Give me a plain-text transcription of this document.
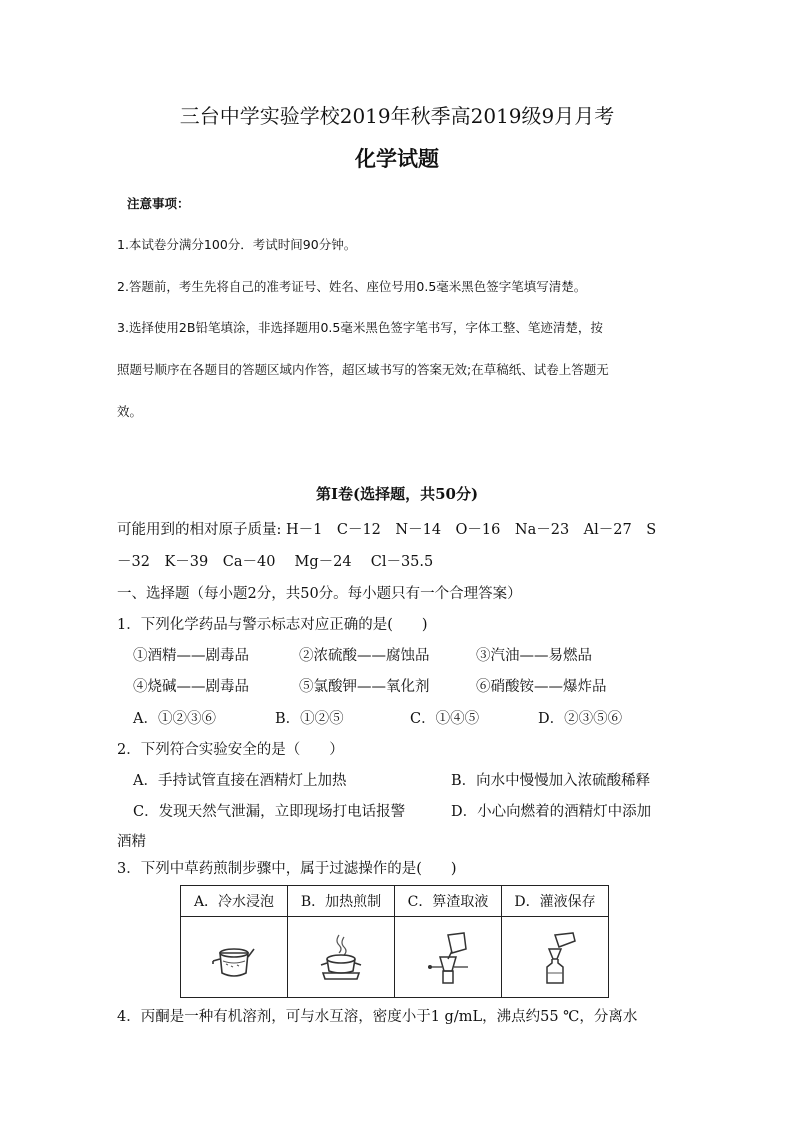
三台中学实验学校2019年秋季高2019级9月月考
化学试题
注意事项：
1.本试卷分满分100分．考试时间90分钟。
2.答题前，考生先将自己的准考证号、姓名、座位号用0.5毫米黑色签字笔填写清楚。
3.选择使用2B铅笔填涂，非选择题用0.5毫米黑色签字笔书写，字体工整、笔迹清楚，按
照题号顺序在各题目的答题区域内作答，超区域书写的答案无效;在草稿纸、试卷上答题无
效。
第Ⅰ卷(选择题，共50分)
可能用到的相对原子质量: H－1　C－12　N－14　O－16　Na－23　Al－27　S
－32　K－39　Ca－40　 Mg－24　 Cl－35.5
一、选择题（每小题2分，共50分。每小题只有一个合理答案）
1．下列化学药品与警示标志对应正确的是(　　)
①酒精——剧毒品	②浓硫酸——腐蚀品	③汽油——易燃品
④烧碱——剧毒品	⑤氯酸钾——氧化剂	⑥硝酸铵——爆炸品
A．①②③⑥	B．①②⑤	C．①④⑤	D．②③⑤⑥
2．下列符合实验安全的是（　　）
A．手持试管直接在酒精灯上加热	B．向水中慢慢加入浓硫酸稀释
C．发现天然气泄漏，立即现场打电话报警	D．小心向燃着的酒精灯中添加
酒精
3．下列中草药煎制步骤中，属于过滤操作的是(　　)
A．冷水浸泡	B．加热煎制	C．箅渣取液	D．灌液保存

4．丙酮是一种有机溶剂，可与水互溶，密度小于1 g/mL，沸点约55 ℃，分离水
